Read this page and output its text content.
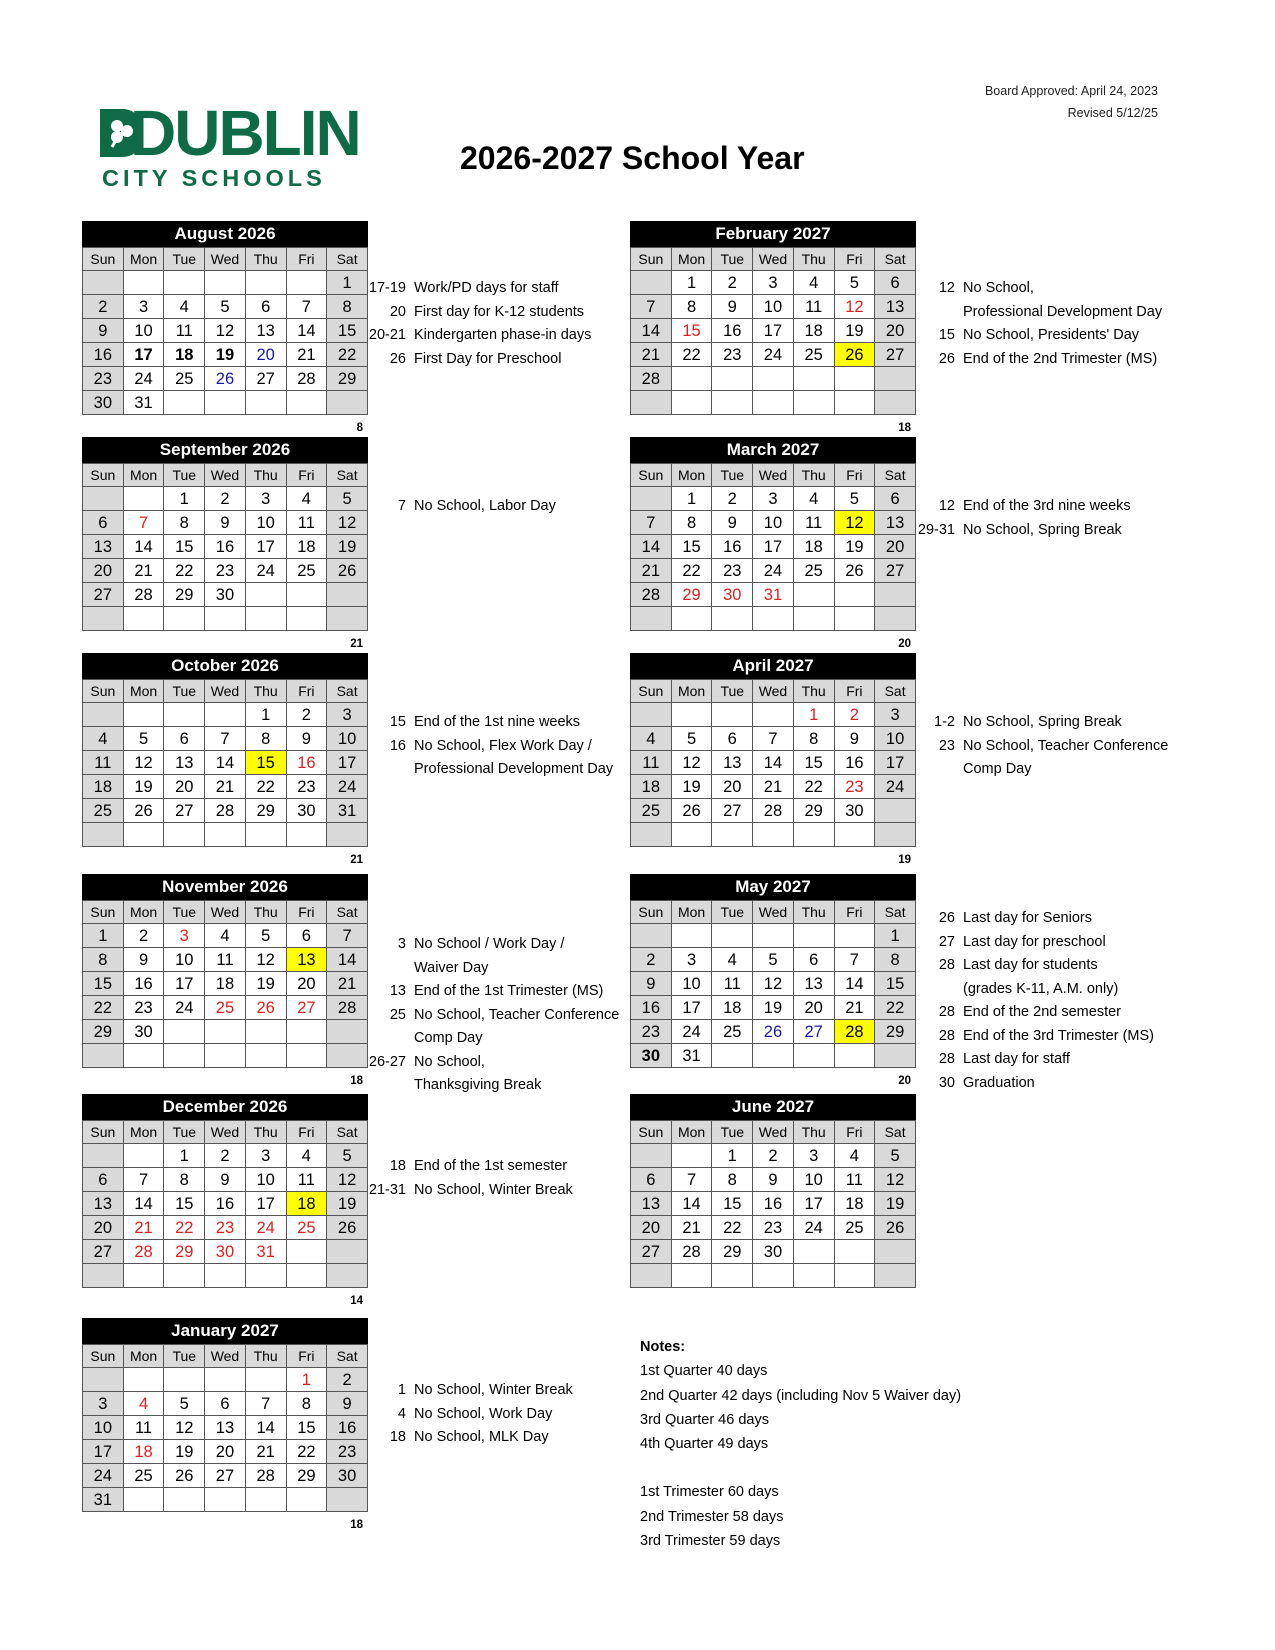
Board Approved: April 24, 2023
Revised 5/12/25
DUBLIN
CITY SCHOOLS
2026-2027 School Year
August 2026
Sun	Mon	Tue	Wed	Thu	Fri	Sat
						1
2	3	4	5	6	7	8
9	10	11	12	13	14	15
16	17	18	19	20	21	22
23	24	25	26	27	28	29
30	31					
8
17-19 Work/PD days for staff
20 First day for K-12 students
20-21 Kindergarten phase-in days
26 First Day for Preschool
September 2026
Sun	Mon	Tue	Wed	Thu	Fri	Sat
		1	2	3	4	5
6	7	8	9	10	11	12
13	14	15	16	17	18	19
20	21	22	23	24	25	26
27	28	29	30			

21
7 No School, Labor Day
October 2026
Sun	Mon	Tue	Wed	Thu	Fri	Sat
				1	2	3
4	5	6	7	8	9	10
11	12	13	14	15	16	17
18	19	20	21	22	23	24
25	26	27	28	29	30	31

21
15 End of the 1st nine weeks
16 No School, Flex Work Day /
Professional Development Day
November 2026
Sun	Mon	Tue	Wed	Thu	Fri	Sat
1	2	3	4	5	6	7
8	9	10	11	12	13	14
15	16	17	18	19	20	21
22	23	24	25	26	27	28
29	30					

18
3 No School / Work Day /
Waiver Day
13 End of the 1st Trimester (MS)
25 No School, Teacher Conference
Comp Day
26-27 No School,
Thanksgiving Break
December 2026
Sun	Mon	Tue	Wed	Thu	Fri	Sat
		1	2	3	4	5
6	7	8	9	10	11	12
13	14	15	16	17	18	19
20	21	22	23	24	25	26
27	28	29	30	31		

14
18 End of the 1st semester
21-31 No School, Winter Break
January 2027
Sun	Mon	Tue	Wed	Thu	Fri	Sat
					1	2
3	4	5	6	7	8	9
10	11	12	13	14	15	16
17	18	19	20	21	22	23
24	25	26	27	28	29	30
31						
18
1 No School, Winter Break
4 No School, Work Day
18 No School, MLK Day
February 2027
Sun	Mon	Tue	Wed	Thu	Fri	Sat
	1	2	3	4	5	6
7	8	9	10	11	12	13
14	15	16	17	18	19	20
21	22	23	24	25	26	27
28						

18
12 No School,
Professional Development Day
15 No School, Presidents' Day
26 End of the 2nd Trimester (MS)
March 2027
Sun	Mon	Tue	Wed	Thu	Fri	Sat
	1	2	3	4	5	6
7	8	9	10	11	12	13
14	15	16	17	18	19	20
21	22	23	24	25	26	27
28	29	30	31			

20
12 End of the 3rd nine weeks
29-31 No School, Spring Break
April 2027
Sun	Mon	Tue	Wed	Thu	Fri	Sat
				1	2	3
4	5	6	7	8	9	10
11	12	13	14	15	16	17
18	19	20	21	22	23	24
25	26	27	28	29	30	

19
1-2 No School, Spring Break
23 No School, Teacher Conference
Comp Day
May 2027
Sun	Mon	Tue	Wed	Thu	Fri	Sat
						1
2	3	4	5	6	7	8
9	10	11	12	13	14	15
16	17	18	19	20	21	22
23	24	25	26	27	28	29
30	31					
20
26 Last day for Seniors
27 Last day for preschool
28 Last day for students
(grades K-11, A.M. only)
28 End of the 2nd semester
28 End of the 3rd Trimester (MS)
28 Last day for staff
30 Graduation
June 2027
Sun	Mon	Tue	Wed	Thu	Fri	Sat
		1	2	3	4	5
6	7	8	9	10	11	12
13	14	15	16	17	18	19
20	21	22	23	24	25	26
27	28	29	30			

Notes:
1st Quarter 40 days
2nd Quarter 42 days (including Nov 5 Waiver day)
3rd Quarter 46 days
4th Quarter 49 days
1st Trimester 60 days
2nd Trimester 58 days
3rd Trimester 59 days
